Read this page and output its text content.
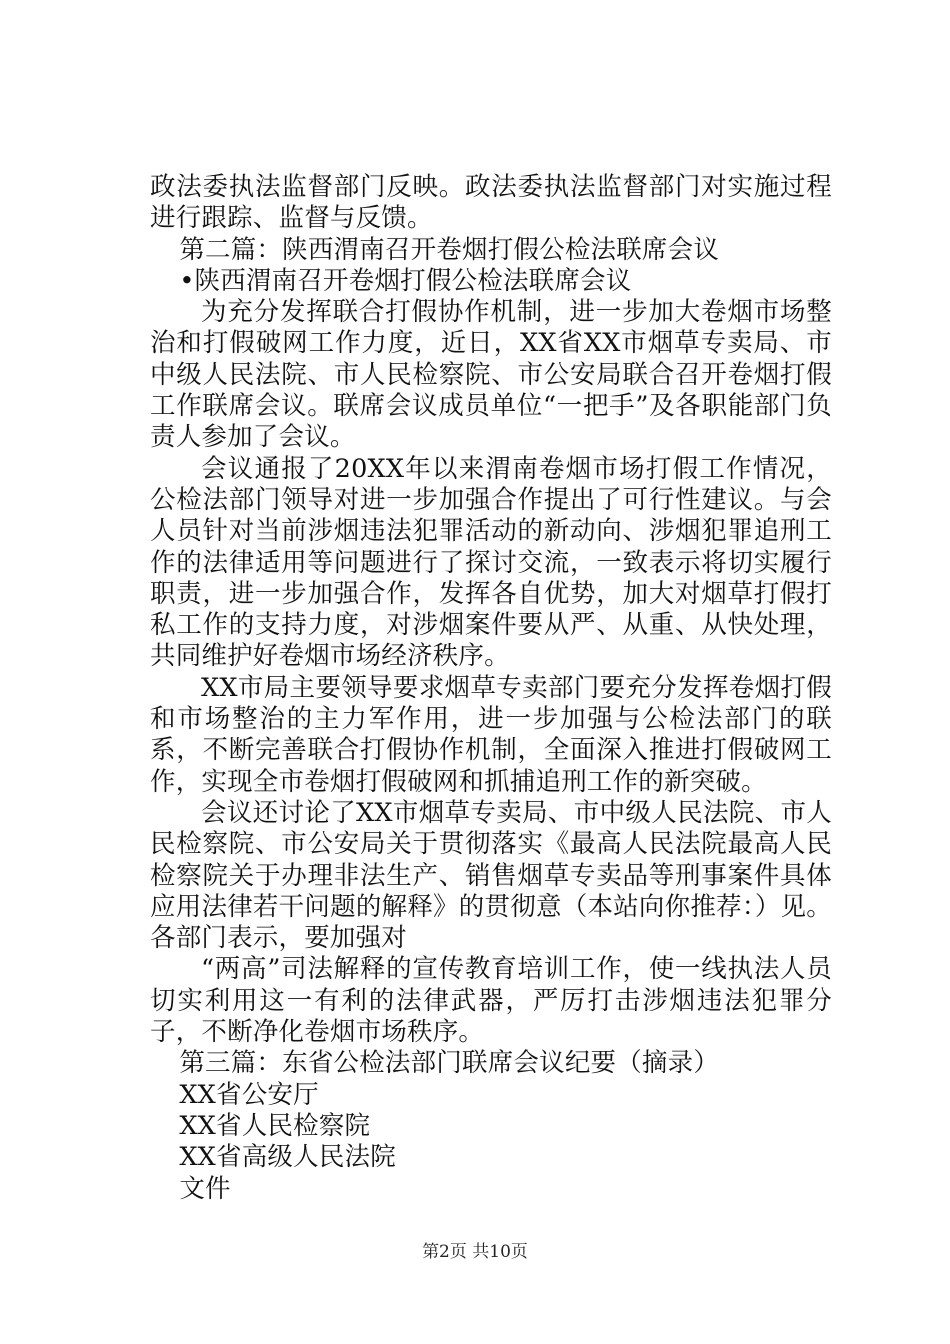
政法委执法监督部门反映。政法委执法监督部门对实施过程进行跟踪、监督与反馈。

第二篇：陕西渭南召开卷烟打假公检法联席会议

•陕西渭南召开卷烟打假公检法联席会议

为充分发挥联合打假协作机制，进一步加大卷烟市场整治和打假破网工作力度，近日，XX省XX市烟草专卖局、市中级人民法院、市人民检察院、市公安局联合召开卷烟打假工作联席会议。联席会议成员单位“一把手”及各职能部门负责人参加了会议。

会议通报了20XX年以来渭南卷烟市场打假工作情况，公检法部门领导对进一步加强合作提出了可行性建议。与会人员针对当前涉烟违法犯罪活动的新动向、涉烟犯罪追刑工作的法律适用等问题进行了探讨交流，一致表示将切实履行职责，进一步加强合作，发挥各自优势，加大对烟草打假打私工作的支持力度，对涉烟案件要从严、从重、从快处理，共同维护好卷烟市场经济秩序。

XX市局主要领导要求烟草专卖部门要充分发挥卷烟打假和市场整治的主力军作用，进一步加强与公检法部门的联系，不断完善联合打假协作机制，全面深入推进打假破网工作，实现全市卷烟打假破网和抓捕追刑工作的新突破。

会议还讨论了XX市烟草专卖局、市中级人民法院、市人民检察院、市公安局关于贯彻落实《最高人民法院最高人民检察院关于办理非法生产、销售烟草专卖品等刑事案件具体应用法律若干问题的解释》的贯彻意（本站向你推荐：）见。各部门表示，要加强对

“两高”司法解释的宣传教育培训工作，使一线执法人员切实利用这一有利的法律武器，严厉打击涉烟违法犯罪分子，不断净化卷烟市场秩序。

第三篇：东省公检法部门联席会议纪要（摘录）

XX省公安厅

XX省人民检察院

XX省高级人民法院

文件

第2页 共10页
